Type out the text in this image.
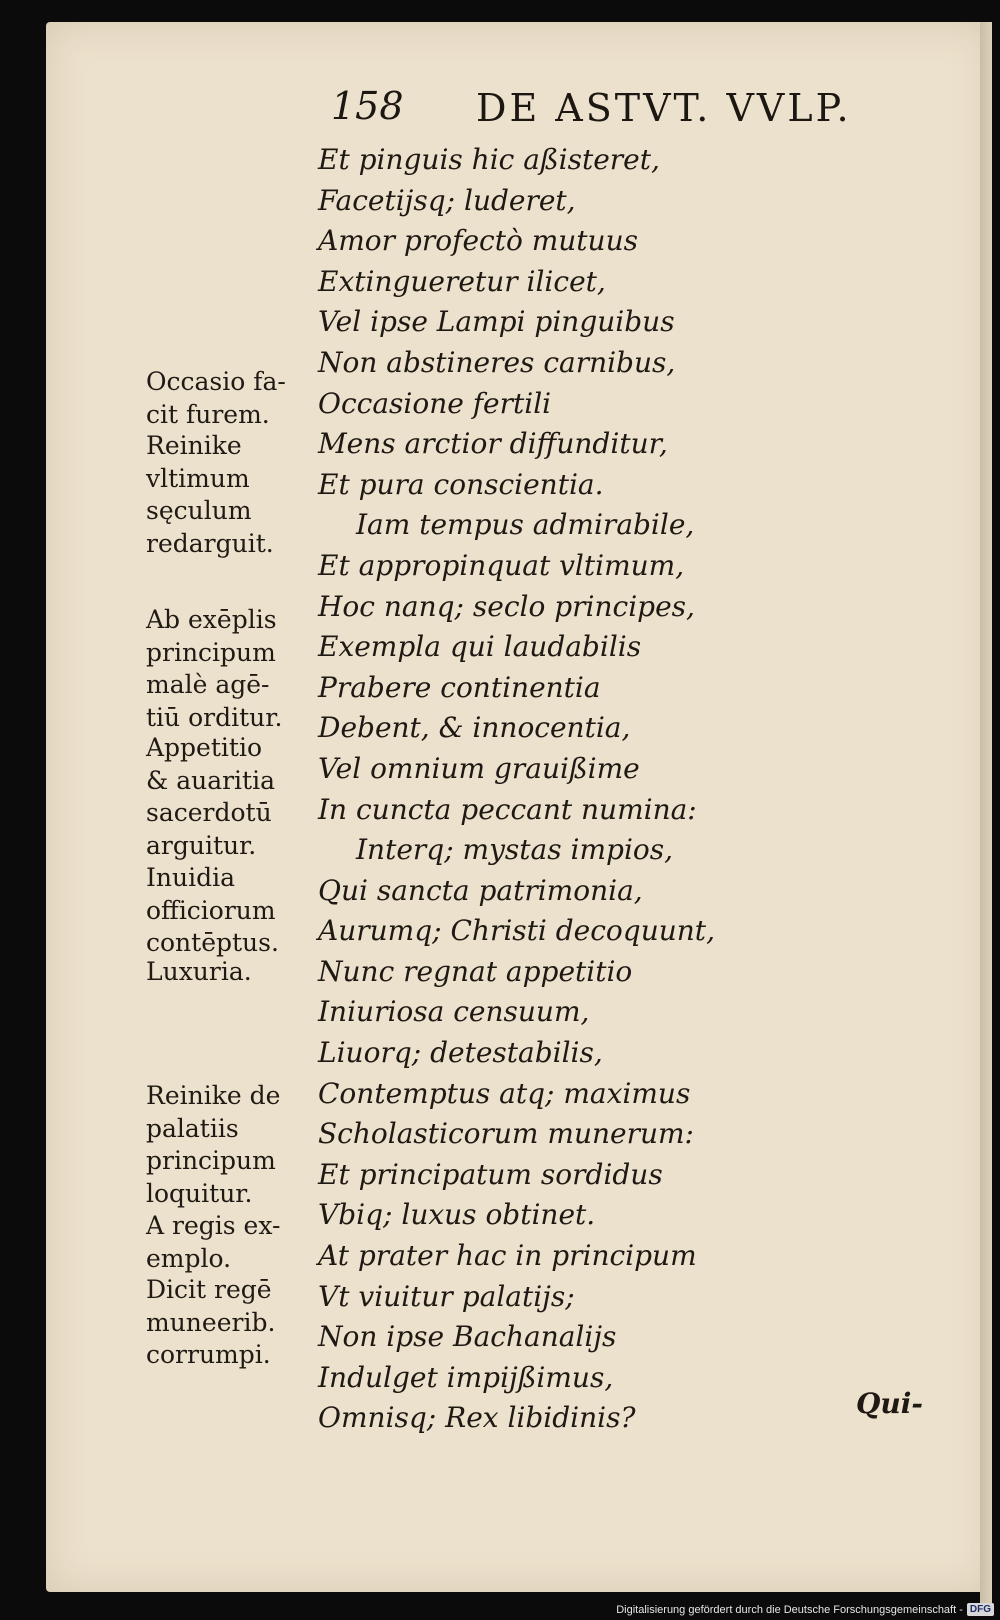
158 DE ASTVT. VVLP.
Et pinguis hic aßisteret,
Facetijsq; luderet,
Amor profectò mutuus
Extingueretur ilicet,
Vel ipse Lampi pinguibus
Non abstineres carnibus,
Occasione fertili
Mens arctior diffunditur,
Et pura conscientia.
Iam tempus admirabile,
Et appropinquat vltimum,
Hoc nanq; seclo principes,
Exempla qui laudabilis
Prabere continentia
Debent, & innocentia,
Vel omnium grauißime
In cuncta peccant numina:
Interq; mystas impios,
Qui sancta patrimonia,
Aurumq; Christi decoquunt,
Nunc regnat appetitio
Iniuriosa censuum,
Liuorq; detestabilis,
Contemptus atq; maximus
Scholasticorum munerum:
Et principatum sordidus
Vbiq; luxus obtinet.
At prater hac in principum
Vt viuitur palatijs;
Non ipse Bachanalijs
Indulget impijßimus,
Omnisq; Rex libidinis?
Occasio fa-
cit furem.
Reinike
vltimum
sęculum
redarguit.
Ab exēplis
principum
malè agē-
tiū orditur.
Appetitio
& auaritia
sacerdotū
arguitur.
Inuidia
officiorum
contēptus.
Luxuria.
Reinike de
palatiis
principum
loquitur.
A regis ex-
emplo.
Dicit regē
muneerib.
corrumpi.
Qui-
Digitalisierung gefördert durch die Deutsche Forschungsgemeinschaft - DFG
